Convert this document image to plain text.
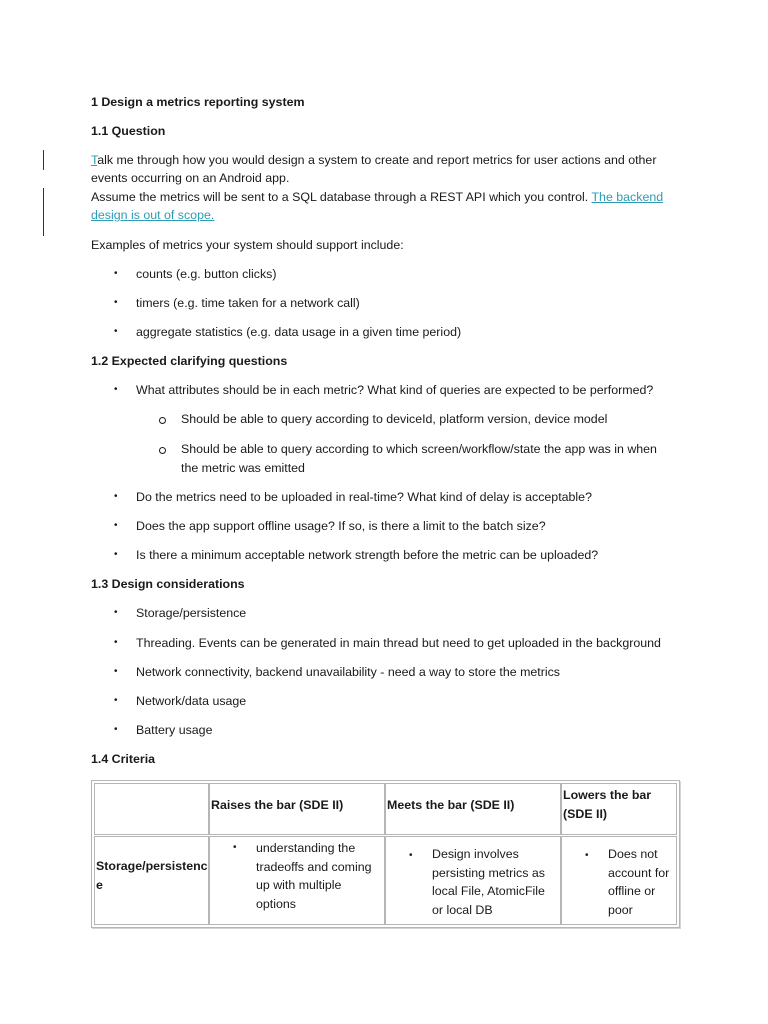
1 Design a metrics reporting system
1.1 Question
Talk me through how you would design a system to create and report metrics for user actions and other
events occurring on an Android app.
Assume the metrics will be sent to a SQL database through a REST API which you control. The backend
design is out of scope.
Examples of metrics your system should support include:
• counts (e.g. button clicks)
• timers (e.g. time taken for a network call)
• aggregate statistics (e.g. data usage in a given time period)
1.2 Expected clarifying questions
• What attributes should be in each metric? What kind of queries are expected to be performed?
Should be able to query according to deviceId, platform version, device model
Should be able to query according to which screen/workflow/state the app was in when
the metric was emitted
• Do the metrics need to be uploaded in real-time? What kind of delay is acceptable?
• Does the app support offline usage? If so, is there a limit to the batch size?
• Is there a minimum acceptable network strength before the metric can be uploaded?
1.3 Design considerations
• Storage/persistence
• Threading. Events can be generated in main thread but need to get uploaded in the background
• Network connectivity, backend unavailability - need a way to store the metrics
• Network/data usage
• Battery usage
1.4 Criteria
Raises the bar (SDE II)	Meets the bar (SDE II)
Lowers the bar
(SDE II)
Storage/persistenc
e
• understanding the
tradeoffs and coming
up with multiple
options
• Design involves
persisting metrics as
local File, AtomicFile
or local DB
• Does not
account for
offline or
poor
